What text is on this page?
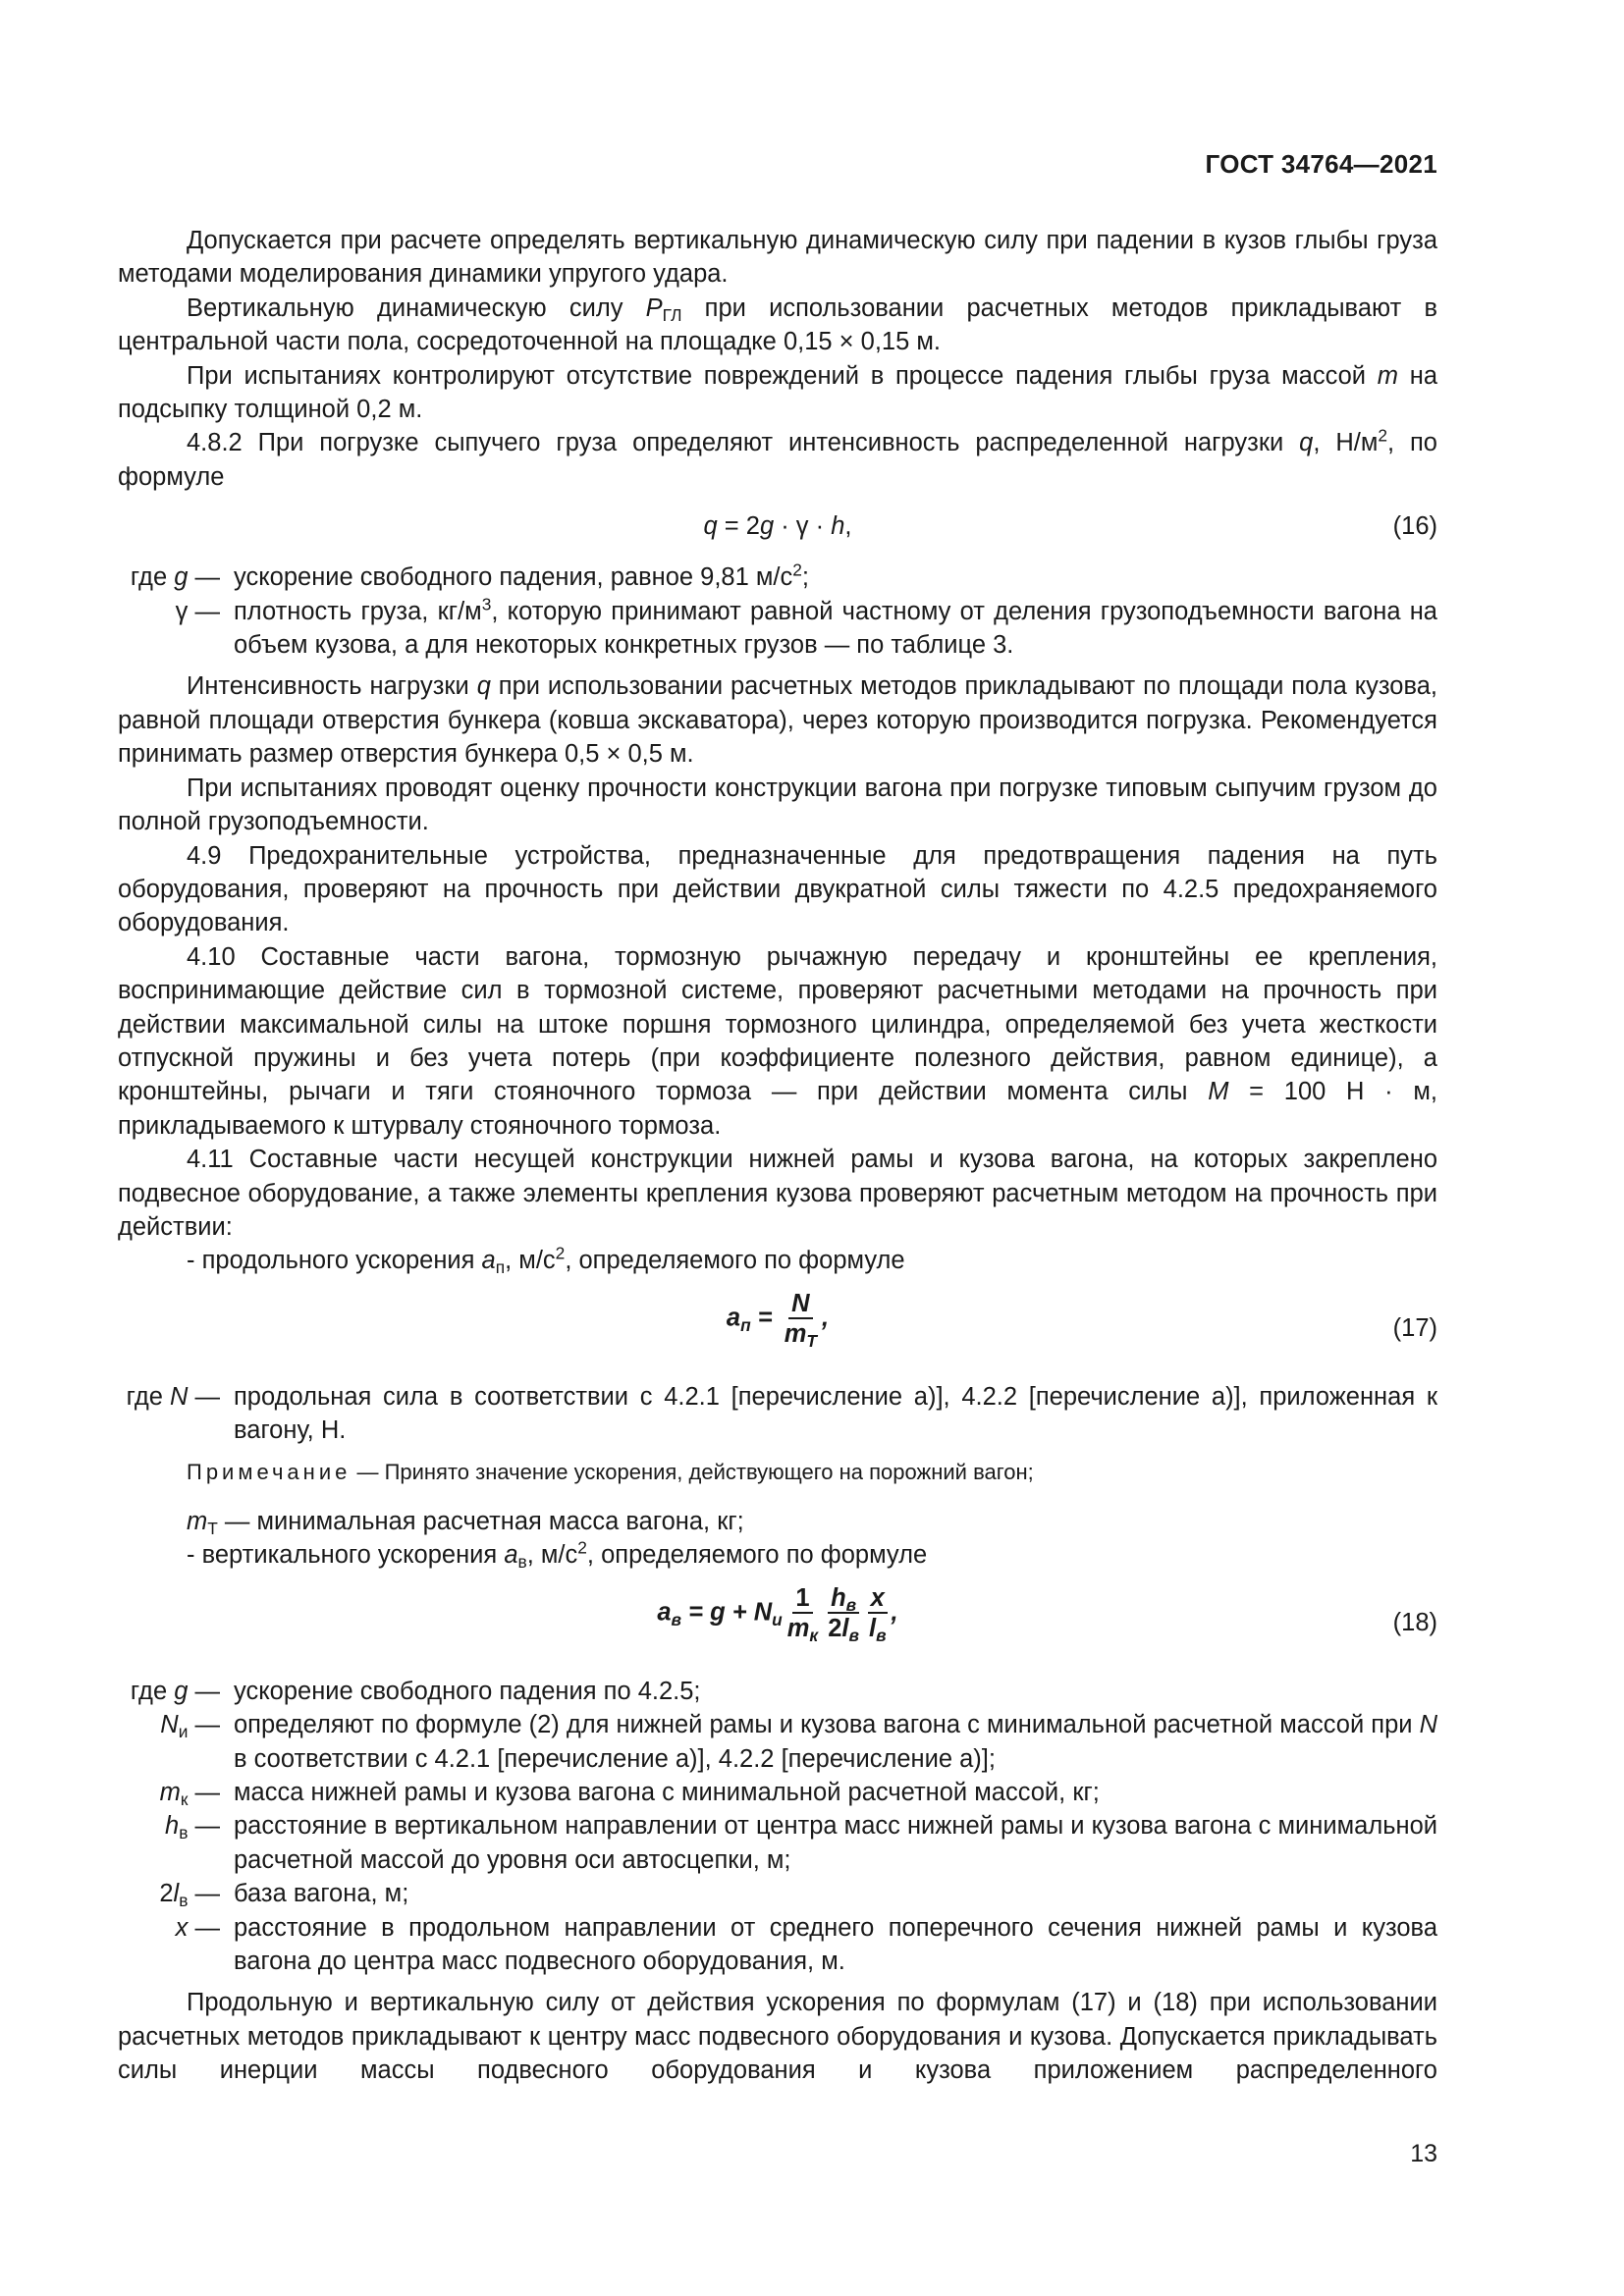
ГОСТ 34764—2021

Допускается при расчете определять вертикальную динамическую силу при падении в кузов глыбы груза методами моделирования динамики упругого удара.

Вертикальную динамическую силу $P_{ГЛ}$ при использовании расчетных методов прикладывают в центральной части пола, сосредоточенной на площадке 0,15 × 0,15 м.

При испытаниях контролируют отсутствие повреждений в процессе падения глыбы груза массой m на подсыпку толщиной 0,2 м.

4.8.2 При погрузке сыпучего груза определяют интенсивность распределенной нагрузки q, $Н/м^2$, по формуле

q = 2g · γ · h,	(16)
где g — ускорение свободного падения, равное 9,81 $м/с^2$;
γ — плотность груза, $кг/м^3$, которую принимают равной частному от деления грузоподъемности вагона на объем кузова, а для некоторых конкретных грузов — по таблице 3.

Интенсивность нагрузки q при использовании расчетных методов прикладывают по площади пола кузова, равной площади отверстия бункера (ковша экскаватора), через которую производится погрузка. Рекомендуется принимать размер отверстия бункера 0,5 × 0,5 м.

При испытаниях проводят оценку прочности конструкции вагона при погрузке типовым сыпучим грузом до полной грузоподъемности.

4.9 Предохранительные устройства, предназначенные для предотвращения падения на путь оборудования, проверяют на прочность при действии двукратной силы тяжести по 4.2.5 предохраняемого оборудования.

4.10 Составные части вагона, тормозную рычажную передачу и кронштейны ее крепления, воспринимающие действие сил в тормозной системе, проверяют расчетными методами на прочность при действии максимальной силы на штоке поршня тормозного цилиндра, определяемой без учета жесткости отпускной пружины и без учета потерь (при коэффициенте полезного действия, равном единице), а кронштейны, рычаги и тяги стояночного тормоза — при действии момента силы M = 100 Н · м, прикладываемого к штурвалу стояночного тормоза.

4.11 Составные части несущей конструкции нижней рамы и кузова вагона, на которых закреплено подвесное оборудование, а также элементы крепления кузова проверяют расчетным методом на прочность при действии:

- продольного ускорения $a_п$, $м/с^2$, определяемого по формуле

$a_п = \frac{N}{m_Т}$ ,	(17)
где N — продольная сила в соответствии с 4.2.1 [перечисление а)], 4.2.2 [перечисление а)], приложенная к вагону, Н.
Примечание — Принято значение ускорения, действующего на порожний вагон;

$m_Т$ — минимальная расчетная масса вагона, кг;

- вертикального ускорения $a_в$, $м/с^2$, определяемого по формуле

$a_в = g + N_и \frac{1}{m_к} \frac{h_в}{2l_в} \frac{x}{l_в}$ ,	(18)
где g — ускорение свободного падения по 4.2.5;
$N_и$ — определяют по формуле (2) для нижней рамы и кузова вагона с минимальной расчетной массой при N в соответствии с 4.2.1 [перечисление а)], 4.2.2 [перечисление а)];
$m_к$ — масса нижней рамы и кузова вагона с минимальной расчетной массой, кг;
$h_в$ — расстояние в вертикальном направлении от центра масс нижней рамы и кузова вагона с минимальной расчетной массой до уровня оси автосцепки, м;
$2l_в$ — база вагона, м;
x — расстояние в продольном направлении от среднего поперечного сечения нижней рамы и кузова вагона до центра масс подвесного оборудования, м.

Продольную и вертикальную силу от действия ускорения по формулам (17) и (18) при использовании расчетных методов прикладывают к центру масс подвесного оборудования и кузова. Допускается прикладывать силы инерции массы подвесного оборудования и кузова приложением распределенного

13
